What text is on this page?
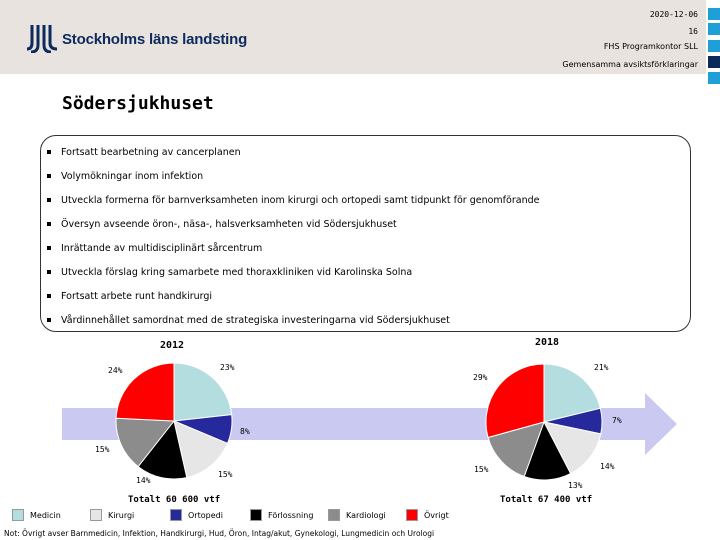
Stockholms läns landsting
2020-12-06
16
FHS Programkontor SLL
Gemensamma avsiktsförklaringar
Södersjukhuset
Fortsatt bearbetning av cancerplanen
Volymökningar inom infektion
Utveckla formerna för barnverksamheten inom kirurgi och ortopedi samt tidpunkt för genomförande
Översyn avseende öron-, näsa-, halsverksamheten vid Södersjukhuset
Inrättande av multidisciplinärt sårcentrum
Utveckla förslag kring samarbete med thoraxkliniken vid Karolinska Solna
Fortsatt arbete runt handkirurgi
Vårdinnehållet samordnat med de strategiska investeringarna vid Södersjukhuset
2012	2018
23%
8%
15%
14%
15%
24%	21%
7%
14%
13%
15%
29%
Totalt 60 600 vtf	Totalt 67 400 vtf
Medicin	Kirurgi	Ortopedi	Förlossning	Kardiologi	Övrigt
Not: Övrigt avser Barnmedicin, Infektion, Handkirurgi, Hud, Öron, Intag/akut, Gynekologi, Lungmedicin och Urologi
